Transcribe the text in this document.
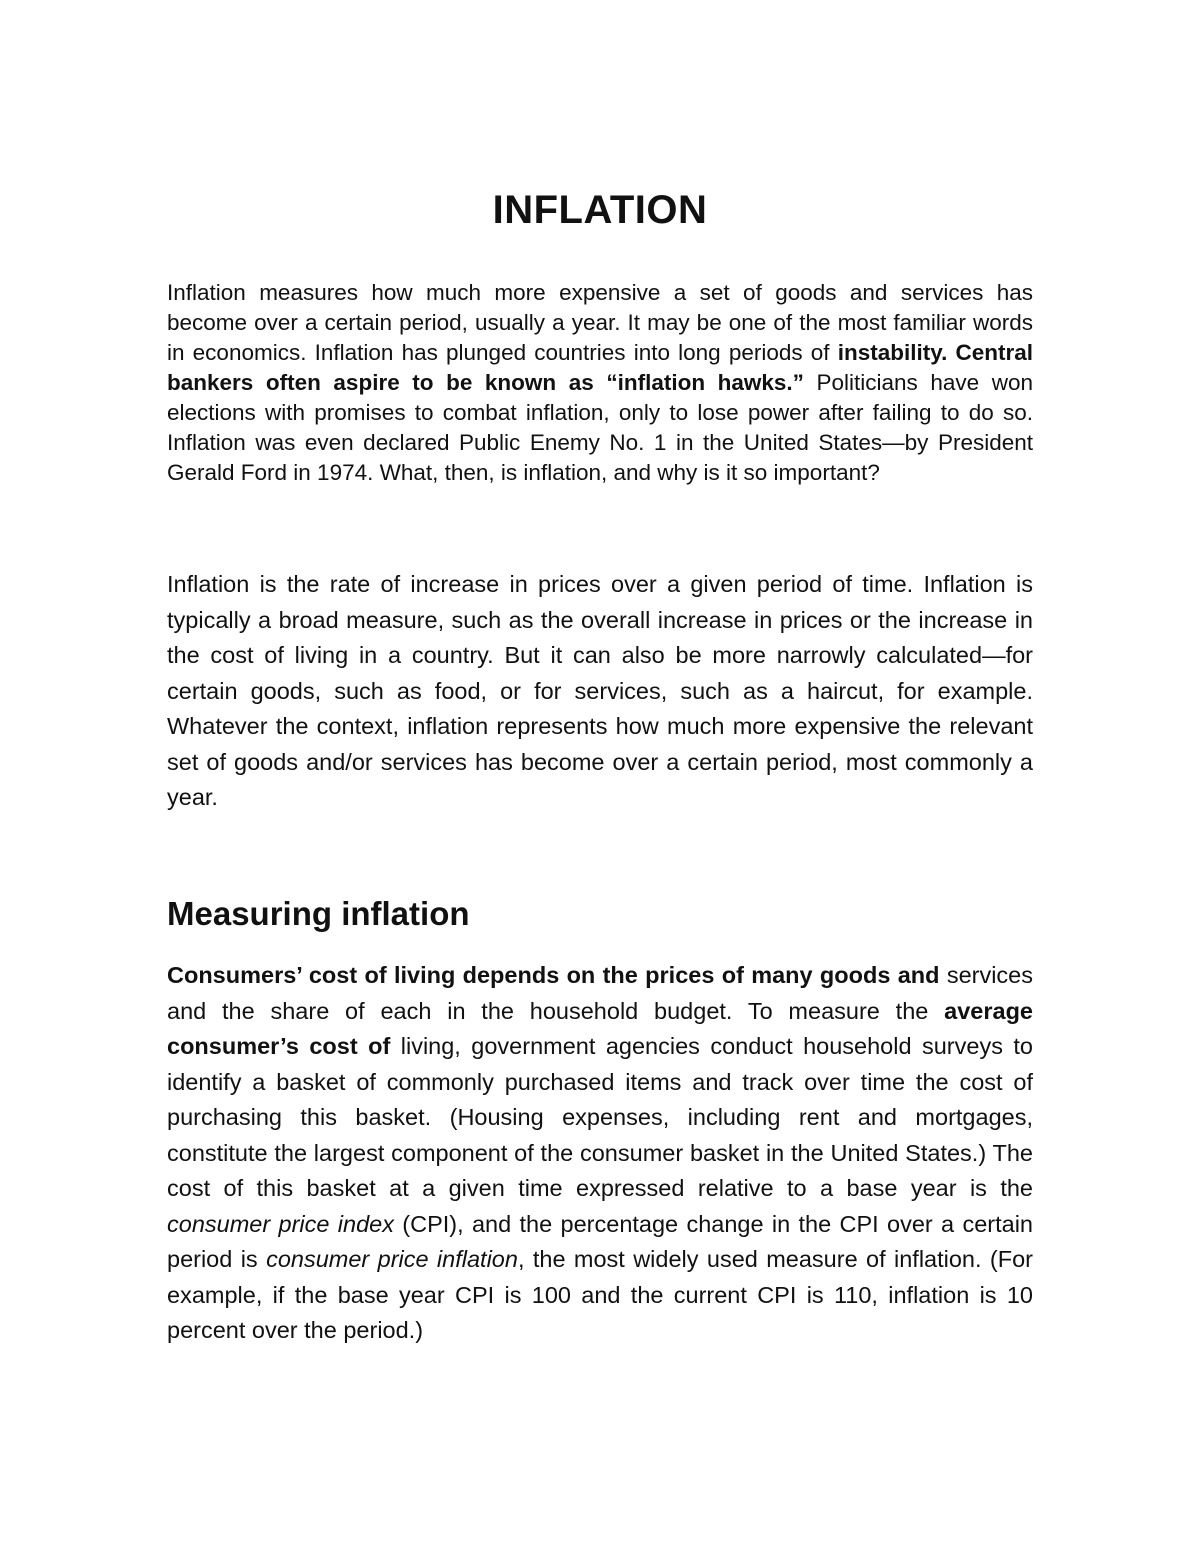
INFLATION

Inflation measures how much more expensive a set of goods and services has become over a certain period, usually a year. It may be one of the most familiar words in economics. Inflation has plunged countries into long periods of instability. Central bankers often aspire to be known as “inflation hawks.” Politicians have won elections with promises to combat inflation, only to lose power after failing to do so. Inflation was even declared Public Enemy No. 1 in the United States—by President Gerald Ford in 1974. What, then, is inflation, and why is it so important?

Inflation is the rate of increase in prices over a given period of time. Inflation is typically a broad measure, such as the overall increase in prices or the increase in the cost of living in a country. But it can also be more narrowly calculated—for certain goods, such as food, or for services, such as a haircut, for example. Whatever the context, inflation represents how much more expensive the relevant set of goods and/or services has become over a certain period, most commonly a year.

Measuring inflation

Consumers’ cost of living depends on the prices of many goods and services and the share of each in the household budget. To measure the average consumer’s cost of living, government agencies conduct household surveys to identify a basket of commonly purchased items and track over time the cost of purchasing this basket. (Housing expenses, including rent and mortgages, constitute the largest component of the consumer basket in the United States.) The cost of this basket at a given time expressed relative to a base year is the consumer price index (CPI), and the percentage change in the CPI over a certain period is consumer price inflation, the most widely used measure of inflation. (For example, if the base year CPI is 100 and the current CPI is 110, inflation is 10 percent over the period.)
